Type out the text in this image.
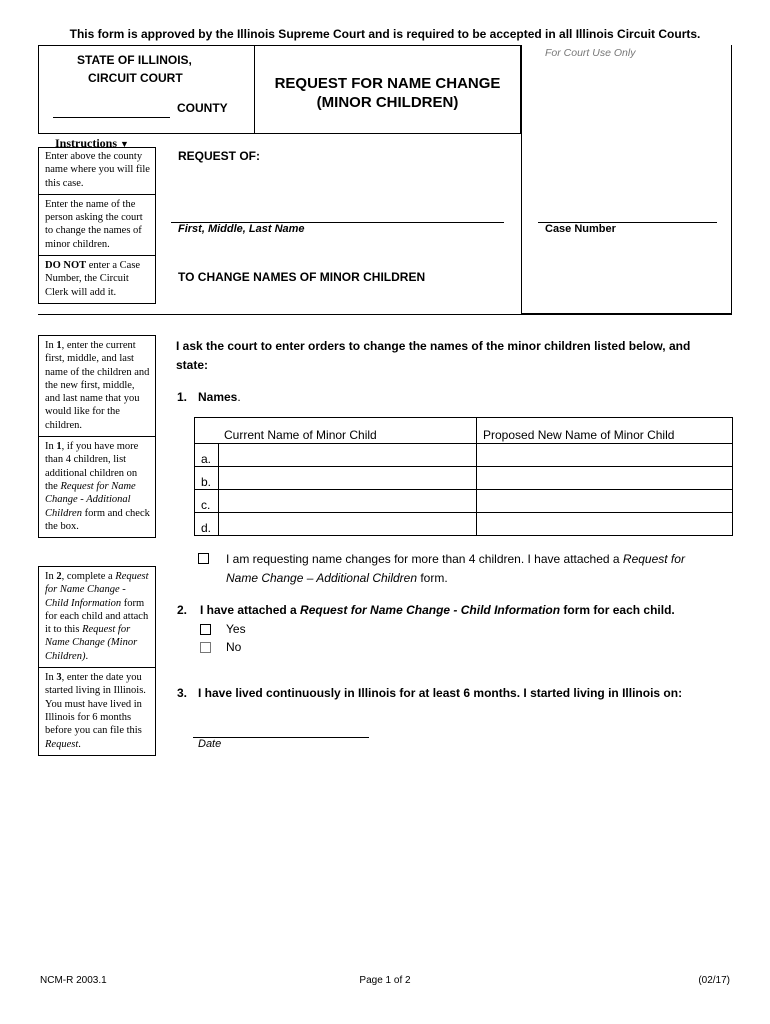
This form is approved by the Illinois Supreme Court and is required to be accepted in all Illinois Circuit Courts.
STATE OF ILLINOIS,
CIRCUIT COURT
COUNTY
REQUEST FOR NAME CHANGE
(MINOR CHILDREN)
For Court Use Only
Instructions ▼
Enter above the county name where you will file this case.
Enter the name of the person asking the court to change the names of minor children.
DO NOT enter a Case Number, the Circuit Clerk will add it.
In 1, enter the current first, middle, and last name of the children and the new first, middle, and last name that you would like for the children.
In 1, if you have more than 4 children, list additional children on the Request for Name Change - Additional Children form and check the box.
In 2, complete a Request for Name Change - Child Information form for each child and attach it to this Request for Name Change (Minor Children).
In 3, enter the date you started living in Illinois. You must have lived in Illinois for 6 months before you can file this Request.
REQUEST OF:
First, Middle, Last Name	Case Number
TO CHANGE NAMES OF MINOR CHILDREN
I ask the court to enter orders to change the names of the minor children listed below, and
state:
1. Names.
	Current Name of Minor Child	Proposed New Name of Minor Child
a.		
b.		
c.		
d.		
I am requesting name changes for more than 4 children. I have attached a Request for
Name Change – Additional Children form.
2. I have attached a Request for Name Change - Child Information form for each child.
Yes
No
3. I have lived continuously in Illinois for at least 6 months. I started living in Illinois on:
Date
NCM-R 2003.1	Page 1 of 2	(02/17)
